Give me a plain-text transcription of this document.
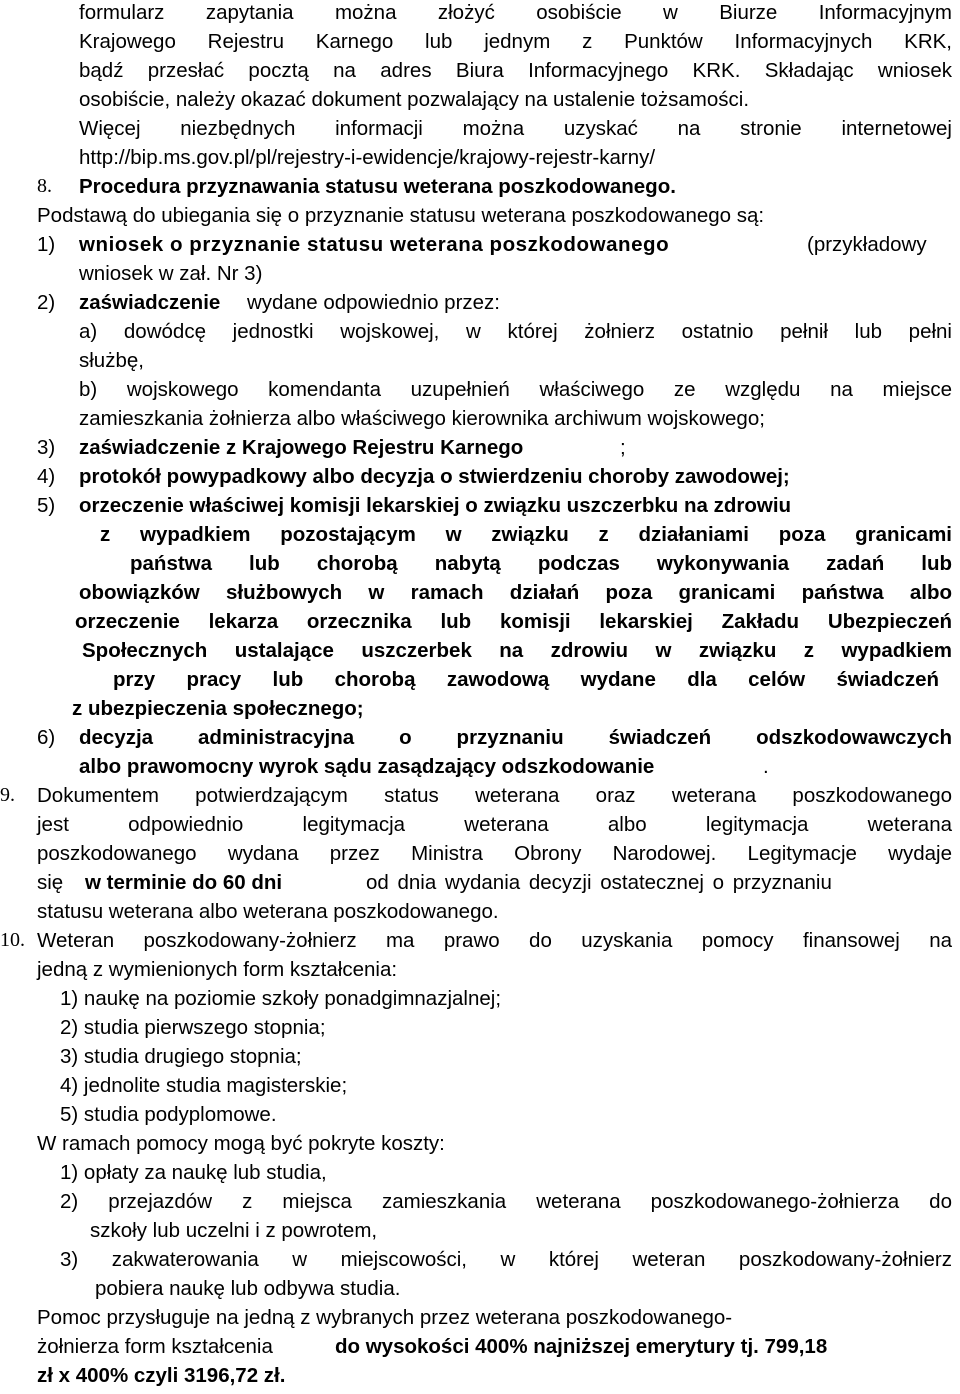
formularz zapytania można złożyć osobiście w Biurze Informacyjnym
Krajowego Rejestru Karnego lub jednym z Punktów Informacyjnych KRK,
bądź przesłać pocztą na adres Biura Informacyjnego KRK. Składając wniosek
osobiście, należy okazać dokument pozwalający na ustalenie tożsamości.
Więcej niezbędnych informacji można uzyskać na stronie internetowej
http://bip.ms.gov.pl/pl/rejestry-i-ewidencje/krajowy-rejestr-karny/
8. Procedura przyznawania statusu weterana poszkodowanego.
Podstawą do ubiegania się o przyznanie statusu weterana poszkodowanego są:
1) wniosek o przyznanie statusu weterana poszkodowanego	(przykładowy
wniosek w zał. Nr 3)
2) zaświadczenie wydane odpowiednio przez:
a) dowódcę jednostki wojskowej, w której żołnierz ostatnio pełnił lub pełni
służbę,
b) wojskowego komendanta uzupełnień właściwego ze względu na miejsce
zamieszkania żołnierza albo właściwego kierownika archiwum wojskowego;
3) zaświadczenie z Krajowego Rejestru Karnego	;
4) protokół powypadkowy albo decyzja o stwierdzeniu choroby zawodowej;
5) orzeczenie właściwej komisji lekarskiej o związku uszczerbku na zdrowiu
z wypadkiem pozostającym w związku z działaniami poza granicami
państwa lub chorobą nabytą podczas wykonywania zadań lub
obowiązków służbowych w ramach działań poza granicami państwa albo
orzeczenie lekarza orzecznika lub komisji lekarskiej Zakładu Ubezpieczeń
Społecznych ustalające uszczerbek na zdrowiu w związku z wypadkiem
przy pracy lub chorobą zawodową wydane dla celów świadczeń
z ubezpieczenia społecznego;
6) decyzja administracyjna o przyznaniu świadczeń odszkodowawczych
albo prawomocny wyrok sądu zasądzający odszkodowanie	.
9. Dokumentem potwierdzającym status weterana oraz weterana poszkodowanego
jest odpowiednio legitymacja weterana albo legitymacja weterana
poszkodowanego wydana przez Ministra Obrony Narodowej. Legitymacje wydaje
się w terminie do 60 dni	od dnia wydania decyzji ostatecznej o przyznaniu
statusu weterana albo weterana poszkodowanego.
10. Weteran poszkodowany-żołnierz ma prawo do uzyskania pomocy finansowej na
jedną z wymienionych form kształcenia:
1) naukę na poziomie szkoły ponadgimnazjalnej;
2) studia pierwszego stopnia;
3) studia drugiego stopnia;
4) jednolite studia magisterskie;
5) studia podyplomowe.
W ramach pomocy mogą być pokryte koszty:
1) opłaty za naukę lub studia,
2) przejazdów z miejsca zamieszkania weterana poszkodowanego-żołnierza do
szkoły lub uczelni i z powrotem,
3) zakwaterowania w miejscowości, w której weteran poszkodowany-żołnierz
pobiera naukę lub odbywa studia.
Pomoc przysługuje na jedną z wybranych przez weterana poszkodowanego-
żołnierza form kształcenia	do wysokości 400% najniższej emerytury tj. 799,18
zł x 400% czyli 3196,72 zł.
